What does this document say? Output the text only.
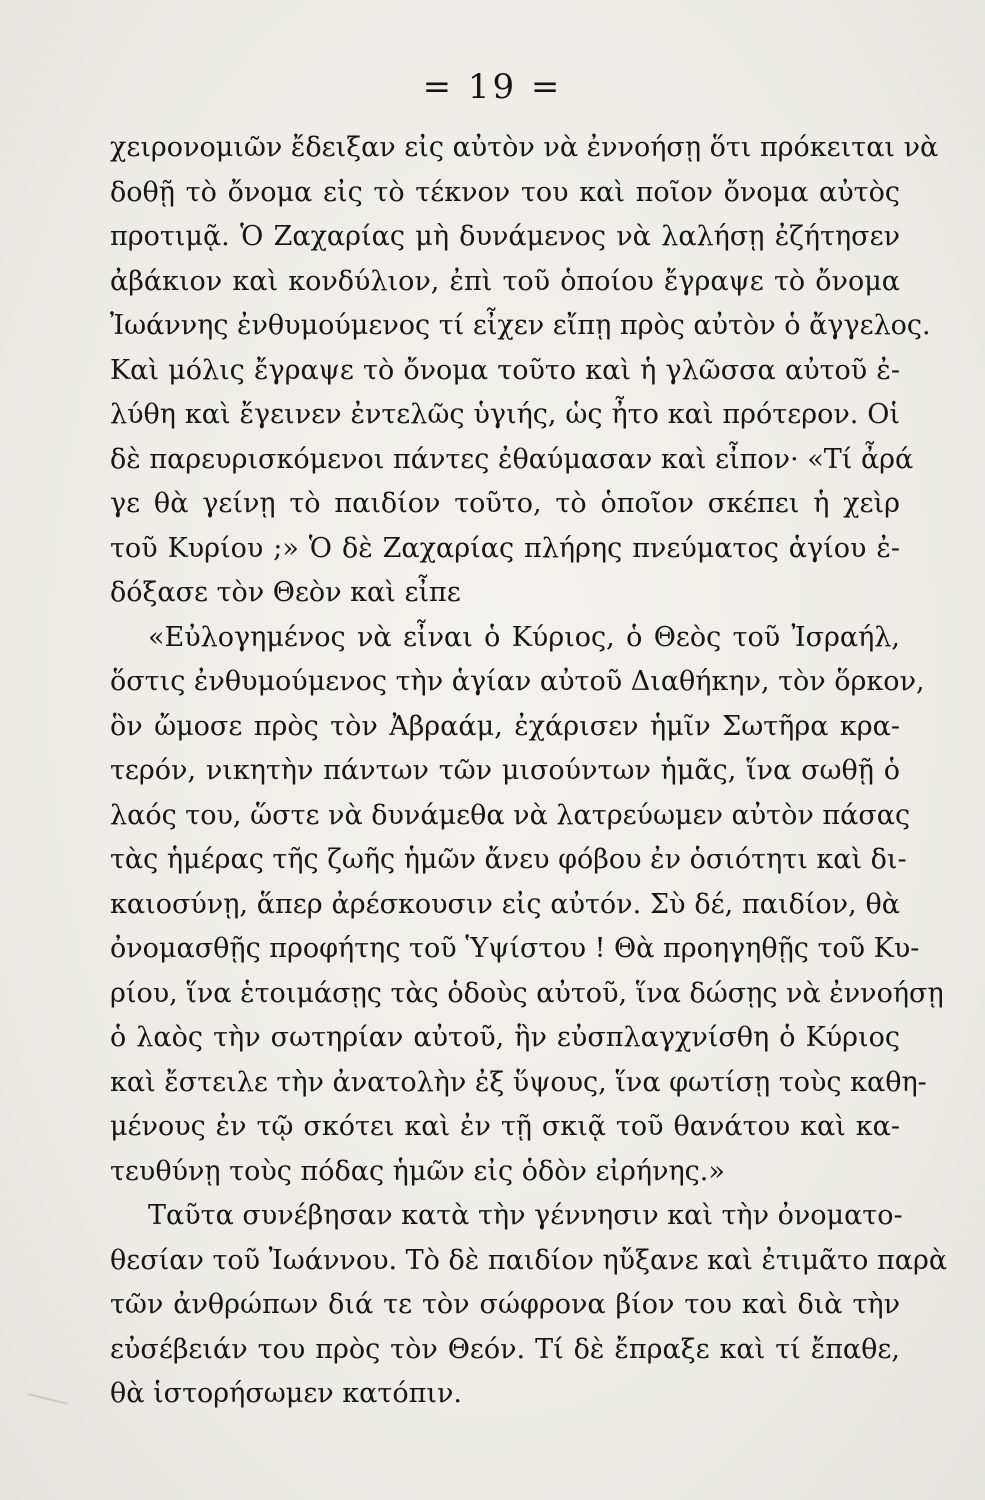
= 19 =
χειρονομιῶν ἔδειξαν εἰς αὐτὸν νὰ ἐννοήσῃ ὅτι πρόκειται νὰ
δοθῇ τὸ ὄνομα εἰς τὸ τέκνον του καὶ ποῖον ὄνομα αὐτὸς
προτιμᾷ. Ὁ Ζαχαρίας μὴ δυνάμενος νὰ λαλήσῃ ἐζήτησεν
ἀβάκιον καὶ κονδύλιον, ἐπὶ τοῦ ὁποίου ἔγραψε τὸ ὄνομα
Ἰωάννης ἐνθυμούμενος τί εἶχεν εἴπῃ πρὸς αὐτὸν ὁ ἄγγελος.
Καὶ μόλις ἔγραψε τὸ ὄνομα τοῦτο καὶ ἡ γλῶσσα αὐτοῦ ἐ-
λύθη καὶ ἔγεινεν ἐντελῶς ὑγιής, ὡς ἦτο καὶ πρότερον. Οἱ
δὲ παρευρισκόμενοι πάντες ἐθαύμασαν καὶ εἶπον· «Τί ἆρά
γε θὰ γείνῃ τὸ παιδίον τοῦτο, τὸ ὁποῖον σκέπει ἡ χεὶρ
τοῦ Κυρίου ;» Ὁ δὲ Ζαχαρίας πλήρης πνεύματος ἁγίου ἐ-
δόξασε τὸν Θεὸν καὶ εἶπε
«Εὐλογημένος νὰ εἶναι ὁ Κύριος, ὁ Θεὸς τοῦ Ἰσραήλ,
ὅστις ἐνθυμούμενος τὴν ἁγίαν αὐτοῦ Διαθήκην, τὸν ὅρκον,
ὃν ὤμοσε πρὸς τὸν Ἀβραάμ, ἐχάρισεν ἡμῖν Σωτῆρα κρα-
τερόν, νικητὴν πάντων τῶν μισούντων ἡμᾶς, ἵνα σωθῇ ὁ
λαός του, ὥστε νὰ δυνάμεθα νὰ λατρεύωμεν αὐτὸν πάσας
τὰς ἡμέρας τῆς ζωῆς ἡμῶν ἄνευ φόβου ἐν ὁσιότητι καὶ δι-
καιοσύνῃ, ἅπερ ἀρέσκουσιν εἰς αὐτόν. Σὺ δέ, παιδίον, θὰ
ὀνομασθῇς προφήτης τοῦ Ὑψίστου ! Θὰ προηγηθῇς τοῦ Κυ-
ρίου, ἵνα ἑτοιμάσῃς τὰς ὁδοὺς αὐτοῦ, ἵνα δώσῃς νὰ ἐννοήσῃ
ὁ λαὸς τὴν σωτηρίαν αὐτοῦ, ἣν εὐσπλαγχνίσθη ὁ Κύριος
καὶ ἔστειλε τὴν ἀνατολὴν ἐξ ὕψους, ἵνα φωτίσῃ τοὺς καθη-
μένους ἐν τῷ σκότει καὶ ἐν τῇ σκιᾷ τοῦ θανάτου καὶ κα-
τευθύνῃ τοὺς πόδας ἡμῶν εἰς ὁδὸν εἰρήνης.»
Ταῦτα συνέβησαν κατὰ τὴν γέννησιν καὶ τὴν ὀνοματο-
θεσίαν τοῦ Ἰωάννου. Τὸ δὲ παιδίον ηὔξανε καὶ ἐτιμᾶτο παρὰ
τῶν ἀνθρώπων διά τε τὸν σώφρονα βίον του καὶ διὰ τὴν
εὐσέβειάν του πρὸς τὸν Θεόν. Τί δὲ ἔπραξε καὶ τί ἔπαθε,
θὰ ἱστορήσωμεν κατόπιν.
